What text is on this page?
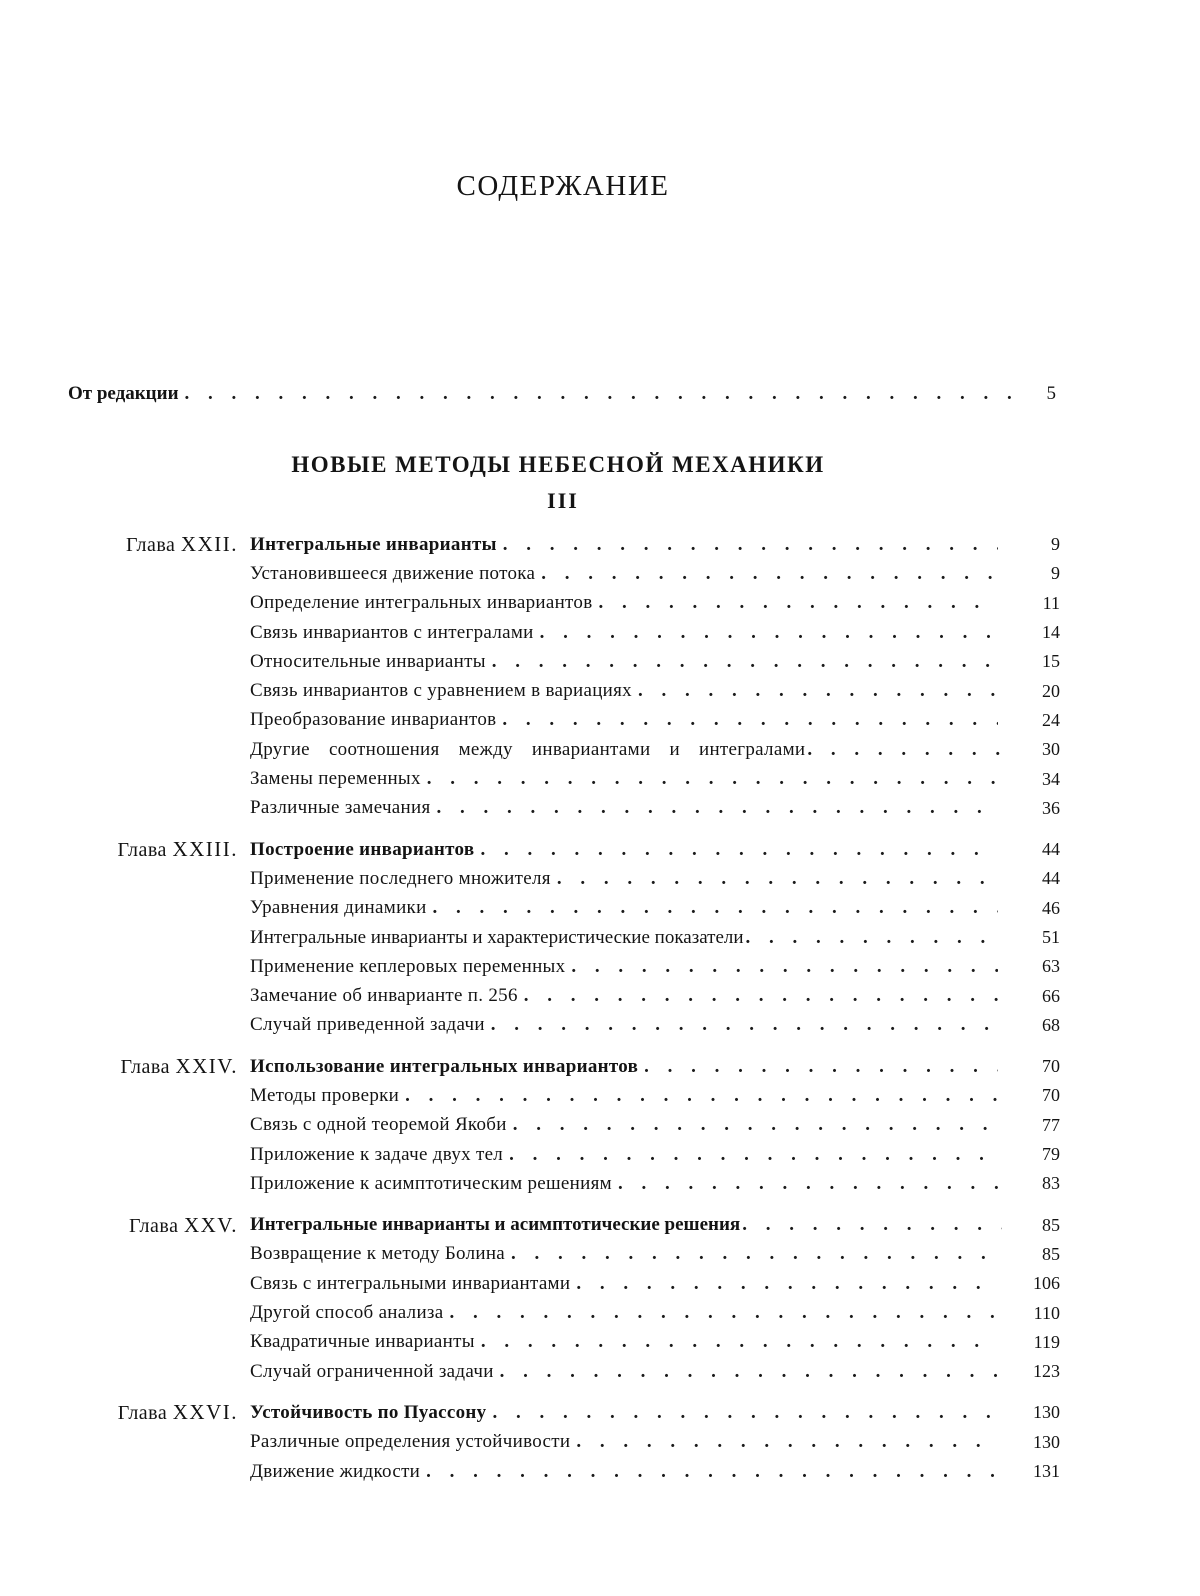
СОДЕРЖАНИЕ
От редакции . . .	5
НОВЫЕ МЕТОДЫ НЕБЕСНОЙ МЕХАНИКИ
III
Глава XXII. Интегральные инварианты . . .	9
Установившееся движение потока . . .	9
Определение интегральных инвариантов . . .	11
Связь инвариантов с интегралами . . .	14
Относительные инварианты . . .	15
Связь инвариантов с уравнением в вариациях . . .	20
Преобразование инвариантов . . .	24
Другие соотношения между инвариантами и интегралами . . .	30
Замены переменных . . .	34
Различные замечания . . .	36
Глава XXIII. Построение инвариантов . . .	44
Применение последнего множителя . . .	44
Уравнения динамики . . .	46
Интегральные инварианты и характеристические показатели . . .	51
Применение кеплеровых переменных . . .	63
Замечание об инварианте п. 256 . . .	66
Случай приведенной задачи . . .	68
Глава XXIV. Использование интегральных инвариантов . . .	70
Методы проверки . . .	70
Связь с одной теоремой Якоби . . .	77
Приложение к задаче двух тел . . .	79
Приложение к асимптотическим решениям . . .	83
Глава XXV. Интегральные инварианты и асимптотические решения . . .	85
Возвращение к методу Болина . . .	85
Связь с интегральными инвариантами . . .	106
Другой способ анализа . . .	110
Квадратичные инварианты . . .	119
Случай ограниченной задачи . . .	123
Глава XXVI. Устойчивость по Пуассону . . .	130
Различные определения устойчивости . . .	130
Движение жидкости . . .	131
